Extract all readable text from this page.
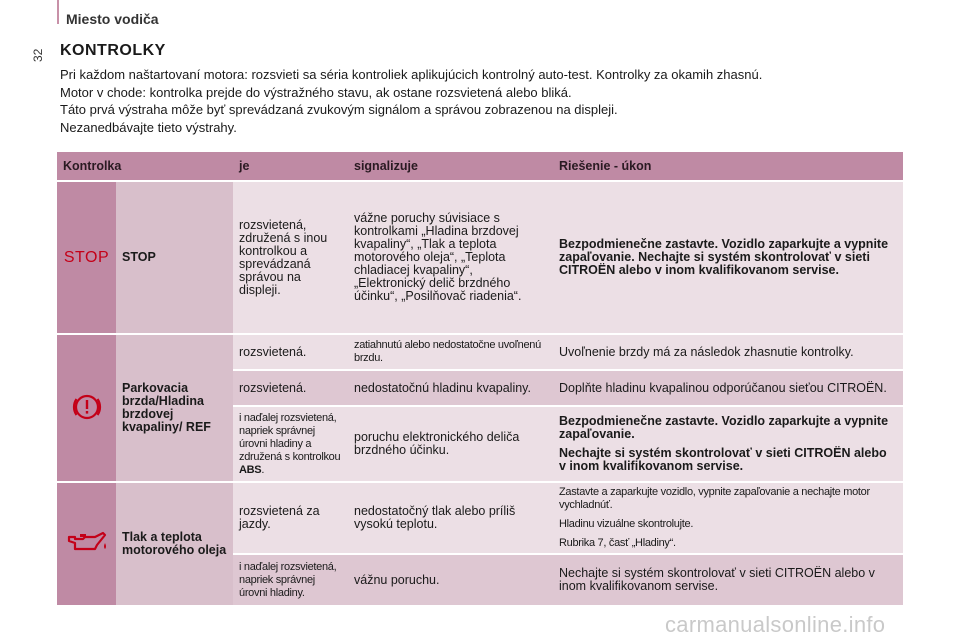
Miesto vodiča
32 KONTROLKY

Pri každom naštartovaní motora: rozsvieti sa séria kontroliek aplikujúcich kontrolný auto-test. Kontrolky za okamih zhasnú.

Motor v chode: kontrolka prejde do výstražného stavu, ak ostane rozsvietená alebo bliká.

Táto prvá výstraha môže byť sprevádzaná zvukovým signálom a správou zobrazenou na displeji.

Nezanedbávajte tieto výstrahy.

Kontrolka		je	signalizuje	Riešenie - úkon
STOP	STOP	rozsvietená, združená s inou kontrolkou a sprevádzaná správou na displeji.	vážne poruchy súvisiace s kontrolkami „Hladina brzdovej kvapaliny“, „Tlak a teplota motorového oleja“, „Teplota chladiacej kvapaliny“, „Elektronický delič brzdného účinku“, „Posilňovač riadenia“.	Bezpodmienečne zastavte. Vozidlo zaparkujte a vypnite zapaľovanie. Nechajte si systém skontrolovať v sieti CITROËN alebo v inom kvalifikovanom servise.
	Parkovacia brzda/Hladina brzdovej kvapaliny/ REF	rozsvietená.	zatiahnutú alebo nedostatočne uvoľnenú brzdu.	Uvoľnenie brzdy má za následok zhasnutie kontrolky.
		rozsvietená.	nedostatočnú hladinu kvapaliny.	Doplňte hladinu kvapalinou odporúčanou sieťou CITROËN.
		i naďalej rozsvietená, napriek správnej úrovni hladiny a združená s kontrolkou ABS.	poruchu elektronického deliča brzdného účinku.	Bezpodmienečne zastavte. Vozidlo zaparkujte a vypnite zapaľovanie.

Nechajte si systém skontrolovať v sieti CITROËN alebo v inom kvalifikovanom servise.

	Tlak a teplota motorového oleja	rozsvietená za jazdy.	nedostatočný tlak alebo príliš vysokú teplotu.	Zastavte a zaparkujte vozidlo, vypnite zapaľovanie a nechajte motor vychladnúť.

Hladinu vizuálne skontrolujte.

Rubrika 7, časť „Hladiny“.

		i naďalej rozsvietená, napriek správnej úrovni hladiny.	vážnu poruchu.	Nechajte si systém skontrolovať v sieti CITROËN alebo v inom kvalifikovanom servise.
carmanualsonline.info
